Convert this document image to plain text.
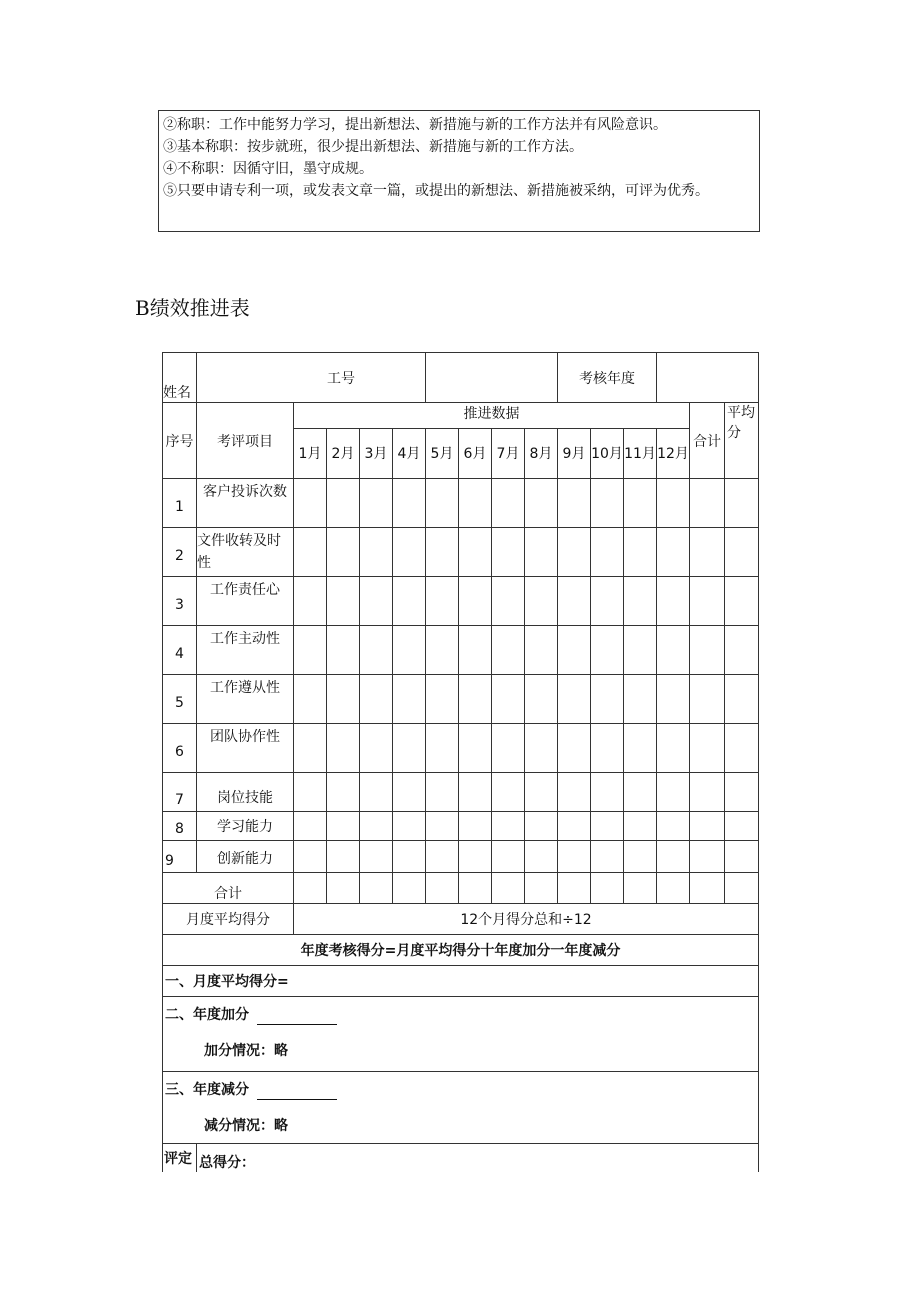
②称职：工作中能努力学习，提出新想法、新措施与新的工作方法并有风险意识。
③基本称职：按步就班，很少提出新想法、新措施与新的工作方法。
④不称职：因循守旧，墨守成规。
⑤只要申请专利一项，或发表文章一篇，或提出的新想法、新措施被采纳，可评为优秀。
B绩效推进表
姓名	工号									考核年度					
序号	考评项目	推进数据												合计	平均分
		1月	2月	3月	4月	5月	6月	7月	8月	9月	10月	11月	12月		
1	客户投诉次数														
2	文件收转及时性														
3	工作责任心														
4	工作主动性														
5	工作遵从性														
6	团队协作性														
7	岗位技能														
8	学习能力														
9	创新能力														
合计															
月度平均得分		12个月得分总和÷12													
年度考核得分=月度平均得分十年度加分一年度减分															
一、月度平均得分=															

二、年度加分
加分情况：略															

三、年度减分
减分情况：略															

评定	总得分：														
